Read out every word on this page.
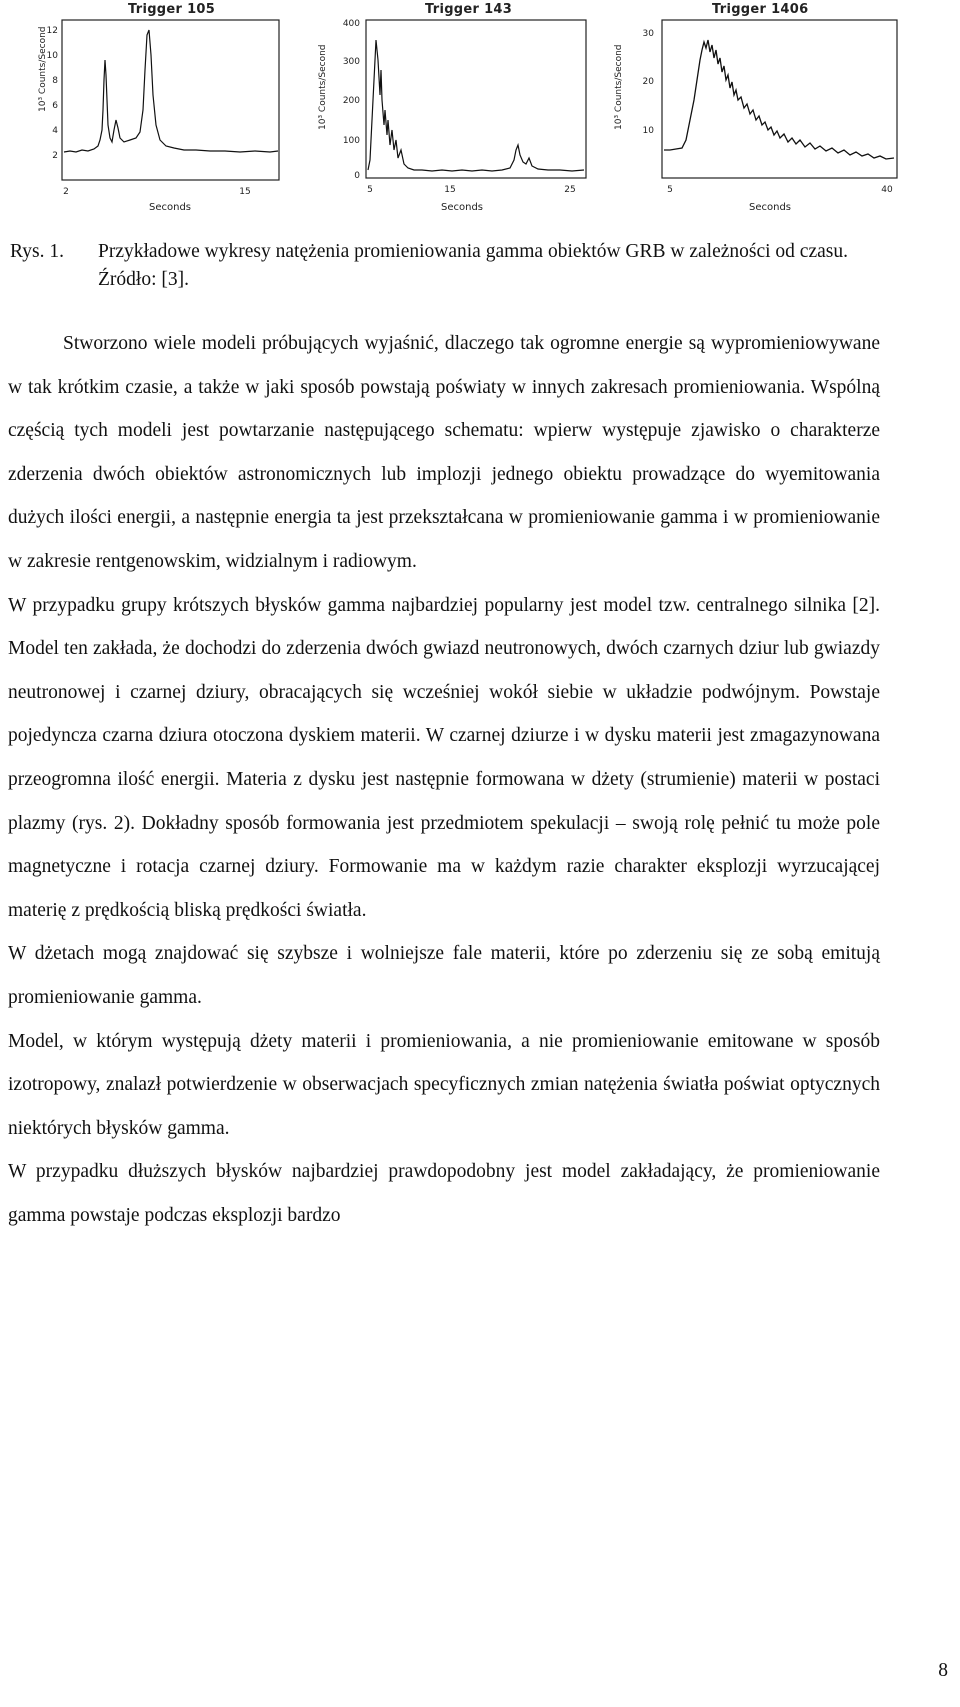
Trigger 105
10³ Counts/Second
2
4
6
8
10
12
2	15
Seconds
Trigger 143
10³ Counts/Second
0
100
200
300
400
5	15	25
Seconds
Trigger 1406
10³ Counts/Second
10
20
30
5	40
Seconds
Rys. 1. Przykładowe wykresy natężenia promieniowania gamma obiektów GRB w zależności od czasu. Źródło: [3].

Stworzono wiele modeli próbujących wyjaśnić, dlaczego tak ogromne energie są wypromieniowywane w tak krótkim czasie, a także w jaki sposób powstają poświaty w innych zakresach promieniowania. Wspólną częścią tych modeli jest powtarzanie następującego schematu: wpierw występuje zjawisko o charakterze zderzenia dwóch obiektów astronomicznych lub implozji jednego obiektu prowadzące do wyemitowania dużych ilości energii, a następnie energia ta jest przekształcana w promieniowanie gamma i w promieniowanie w zakresie rentgenowskim, widzialnym i radiowym.

W przypadku grupy krótszych błysków gamma najbardziej popularny jest model tzw. centralnego silnika [2]. Model ten zakłada, że dochodzi do zderzenia dwóch gwiazd neutronowych, dwóch czarnych dziur lub gwiazdy neutronowej i czarnej dziury, obracających się wcześniej wokół siebie w układzie podwójnym. Powstaje pojedyncza czarna dziura otoczona dyskiem materii. W czarnej dziurze i w dysku materii jest zmagazynowana przeogromna ilość energii. Materia z dysku jest następnie formowana w dżety (strumienie) materii w postaci plazmy (rys. 2). Dokładny sposób formowania jest przedmiotem spekulacji – swoją rolę pełnić tu może pole magnetyczne i rotacja czarnej dziury. Formowanie ma w każdym razie charakter eksplozji wyrzucającej materię z prędkością bliską prędkości światła.

W dżetach mogą znajdować się szybsze i wolniejsze fale materii, które po zderzeniu się ze sobą emitują promieniowanie gamma.

Model, w którym występują dżety materii i promieniowania, a nie promieniowanie emitowane w sposób izotropowy, znalazł potwierdzenie w obserwacjach specyficznych zmian natężenia światła poświat optycznych niektórych błysków gamma.

W przypadku dłuższych błysków najbardziej prawdopodobny jest model zakładający, że promieniowanie gamma powstaje podczas eksplozji bardzo

8
